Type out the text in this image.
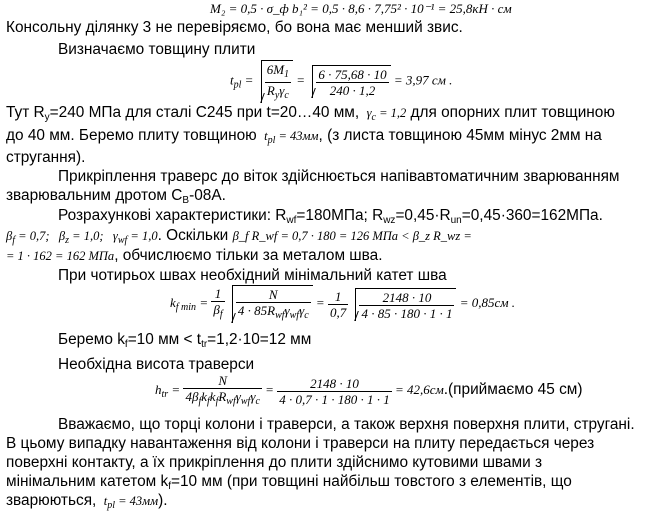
M₂ = 0,5 · σ_ф b₁² = 0,5 · 8,6 · 7,75² · 10⁻¹ = 25,8кН · см
Консольну ділянку 3 не перевіряємо, бо вона має менший звис.
Визначаємо товщину плити
$t_{pl} = \frac{6M_1}{R_y\gamma_c} = \frac{6 \cdot 75,68 \cdot 10}{240 \cdot 1,2} = 3,97$ см .
Тут $R_y=240$ МПа для сталі С245 при t=20…40 мм, $\gamma_c = 1,2$ для опорних плит товщиною
до 40 мм. Беремо плиту товщиною $t_{pl} = 43мм$, (з листа товщиною 45мм мінус 2мм на
стругання).
Прикріплення траверс до віток здійснюється напівавтоматичним зварюванням
зварювальним дротом $С_B-08А$.
Розрахункові характеристики: $R_{wf}=180МПа$; $R_{wz}=0,45\cdot R_{un}=0,45\cdot 360=162МПа$.
$\beta_f = 0,7$; $\beta_z = 1,0$; $\gamma_{wf} = 1,0$. Оскільки β_f R_wf = 0,7 · 180 = 126 МПа < β_z R_wz =
= 1 · 162 = 162 МПа, обчислюємо тільки за металом шва.
При чотирьох швах необхідний мінімальний катет шва
$k_{f min} = \frac{1}{\beta_f}$
$\frac{N}{4 \cdot 85R_{wf}\gamma_{wf}\gamma_c} = \frac{1}{0,7}$
$\frac{2148 \cdot 10}{4 \cdot 85 \cdot 180 \cdot 1 \cdot 1} = 0,85см$ .
Беремо $k_f=10$ мм < $t_{tr}=1,2\cdot 10=12$ мм
Необхідна висота траверси
$h_{tr} = \frac{N}{4\beta_fk_fk_fR_{wf}\gamma_{wf}\gamma_c} = \frac{2148 \cdot 10}{4 \cdot 0,7 \cdot 1 \cdot 180 \cdot 1 \cdot 1}$ = 42,6см.(приймаємо 45 см)
Вважаємо, що торці колони і траверси, а також верхня поверхня плити, стругані.
В цьому випадку навантаження від колони і траверси на плиту передається через
поверхні контакту, а їх прикріплення до плити здійснимо кутовими швами з
мінімальним катетом $k_f=10$ мм (при товщині найбільш товстого з елементів, що
зварюються, $t_{pl} = 43мм$).
